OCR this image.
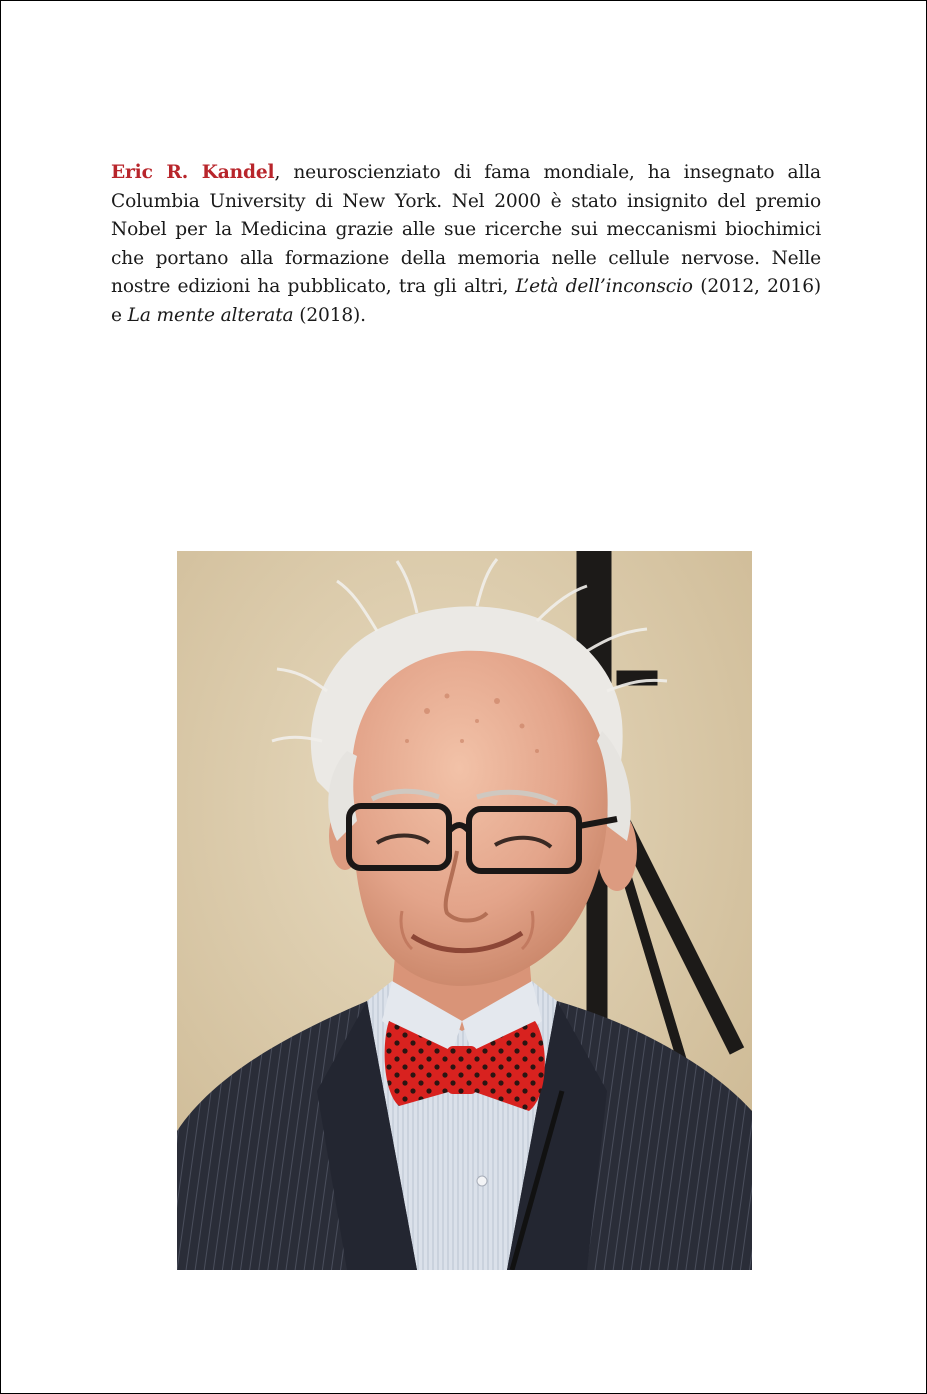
Eric R. Kandel, neuroscienziato di fama mondiale, ha insegnato alla Columbia University di New York. Nel 2000 è stato insignito del premio Nobel per la Medicina grazie alle sue ricerche sui meccanismi biochimici che portano alla formazione della memoria nelle cellule nervose. Nelle nostre edizioni ha pubblicato, tra gli altri, L’età dell’inconscio (2012, 2016) e La mente alterata (2018).
